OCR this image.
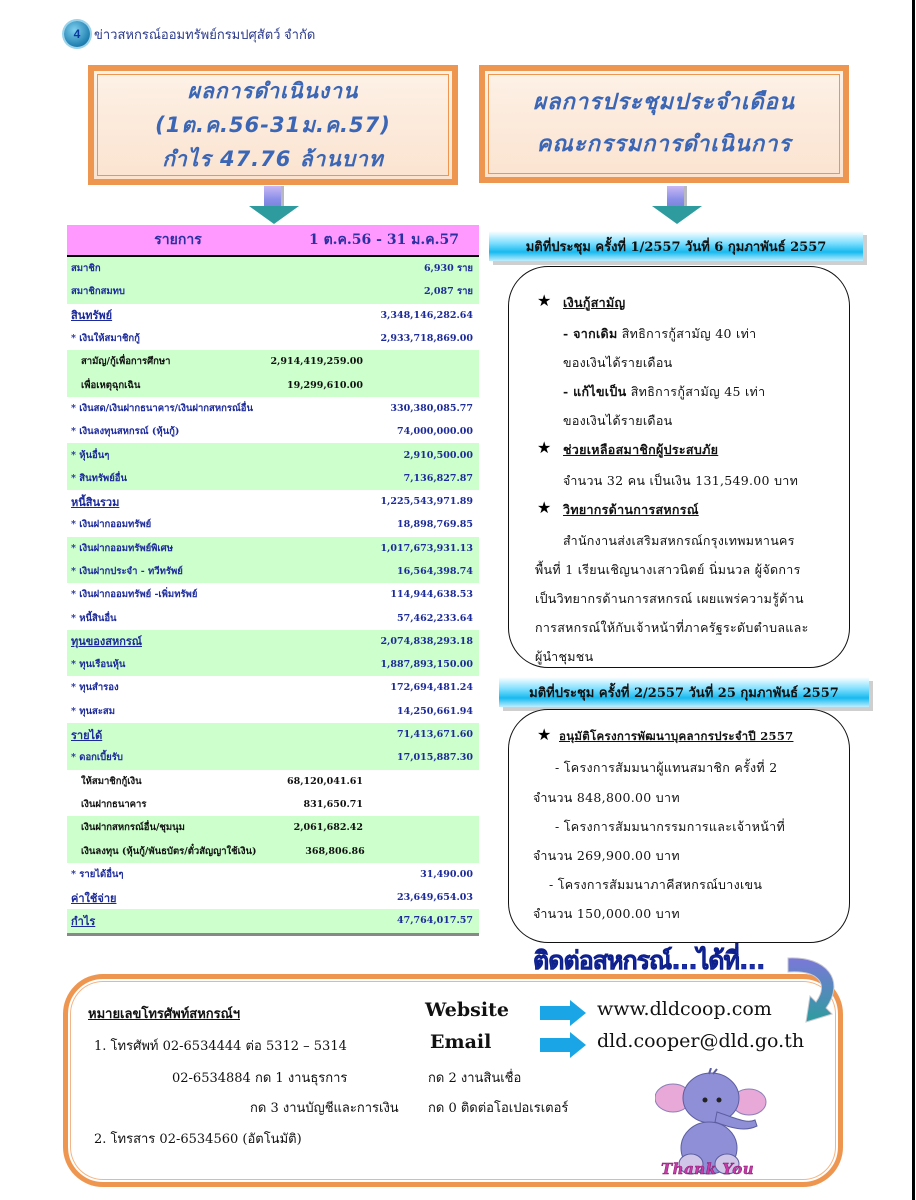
4 ข่าวสหกรณ์ออมทรัพย์กรมปศุสัตว์ จำกัด
ผลการดำเนินงาน
(1ต.ค.56-31ม.ค.57)
กำไร 47.76 ล้านบาท
ผลการประชุมประจำเดือน
คณะกรรมการดำเนินการ
รายการ	1 ต.ค.56 - 31 ม.ค.57
สมาชิก	6,930 ราย
สมาชิกสมทบ	2,087 ราย
สินทรัพย์	3,348,146,282.64
* เงินให้สมาชิกกู้	2,933,718,869.00
สามัญ/กู้เพื่อการศึกษา	2,914,419,259.00
เพื่อเหตุฉุกเฉิน	19,299,610.00
* เงินสด/เงินฝากธนาคาร/เงินฝากสหกรณ์อื่น	330,380,085.77
* เงินลงทุนสหกรณ์ (หุ้นกู้)	74,000,000.00
* หุ้นอื่นๆ	2,910,500.00
* สินทรัพย์อื่น	7,136,827.87
หนี้สินรวม	1,225,543,971.89
* เงินฝากออมทรัพย์	18,898,769.85
* เงินฝากออมทรัพย์พิเศษ	1,017,673,931.13
* เงินฝากประจำ - ทวีทรัพย์	16,564,398.74
* เงินฝากออมทรัพย์ -เพิ่มทรัพย์	114,944,638.53
* หนี้สินอื่น	57,462,233.64
ทุนของสหกรณ์	2,074,838,293.18
* ทุนเรือนหุ้น	1,887,893,150.00
* ทุนสำรอง	172,694,481.24
* ทุนสะสม	14,250,661.94
รายได้	71,413,671.60
* ดอกเบี้ยรับ	17,015,887.30
ให้สมาชิกกู้เงิน	68,120,041.61
เงินฝากธนาคาร	831,650.71
เงินฝากสหกรณ์อื่น/ชุมนุม	2,061,682.42
เงินลงทุน (หุ้นกู้/พันธบัตร/ตั๋วสัญญาใช้เงิน)	368,806.86
* รายได้อื่นๆ	31,490.00
ค่าใช้จ่าย	23,649,654.03
กำไร	47,764,017.57
มติที่ประชุม ครั้งที่ 1/2557 วันที่ 6 กุมภาพันธ์ 2557
★ เงินกู้สามัญ
- จากเดิม สิทธิการกู้สามัญ 40 เท่า
ของเงินได้รายเดือน
- แก้ไขเป็น สิทธิการกู้สามัญ 45 เท่า
ของเงินได้รายเดือน
★ ช่วยเหลือสมาชิกผู้ประสบภัย
จำนวน 32 คน เป็นเงิน 131,549.00 บาท
★ วิทยากรด้านการสหกรณ์
สำนักงานส่งเสริมสหกรณ์กรุงเทพมหานคร
พื้นที่ 1 เรียนเชิญนางเสาวนิตย์ นิ่มนวล ผู้จัดการ
เป็นวิทยากรด้านการสหกรณ์ เผยแพร่ความรู้ด้าน
การสหกรณ์ให้กับเจ้าหน้าที่ภาครัฐระดับตำบลและ
ผู้นำชุมชน
มติที่ประชุม ครั้งที่ 2/2557 วันที่ 25 กุมภาพันธ์ 2557
★ อนุมัติโครงการพัฒนาบุคลากรประจำปี 2557
- โครงการสัมมนาผู้แทนสมาชิก ครั้งที่ 2
จำนวน 848,800.00 บาท
- โครงการสัมมนากรรมการและเจ้าหน้าที่
จำนวน 269,900.00 บาท
- โครงการสัมมนาภาคีสหกรณ์บางเขน
จำนวน 150,000.00 บาท
ติดต่อสหกรณ์...ได้ที่...
หมายเลขโทรศัพท์สหกรณ์ฯ
1. โทรศัพท์ 02-6534444 ต่อ 5312 – 5314
02-6534884 กด 1 งานธุรการ	กด 2 งานสินเชื่อ
กด 3 งานบัญชีและการเงิน กด 0 ติดต่อโอเปอเรเตอร์
2. โทรสาร 02-6534560 (อัตโนมัติ)
Website	www.dldcoop.com
Email	dld.cooper@dld.go.th
Thank You
